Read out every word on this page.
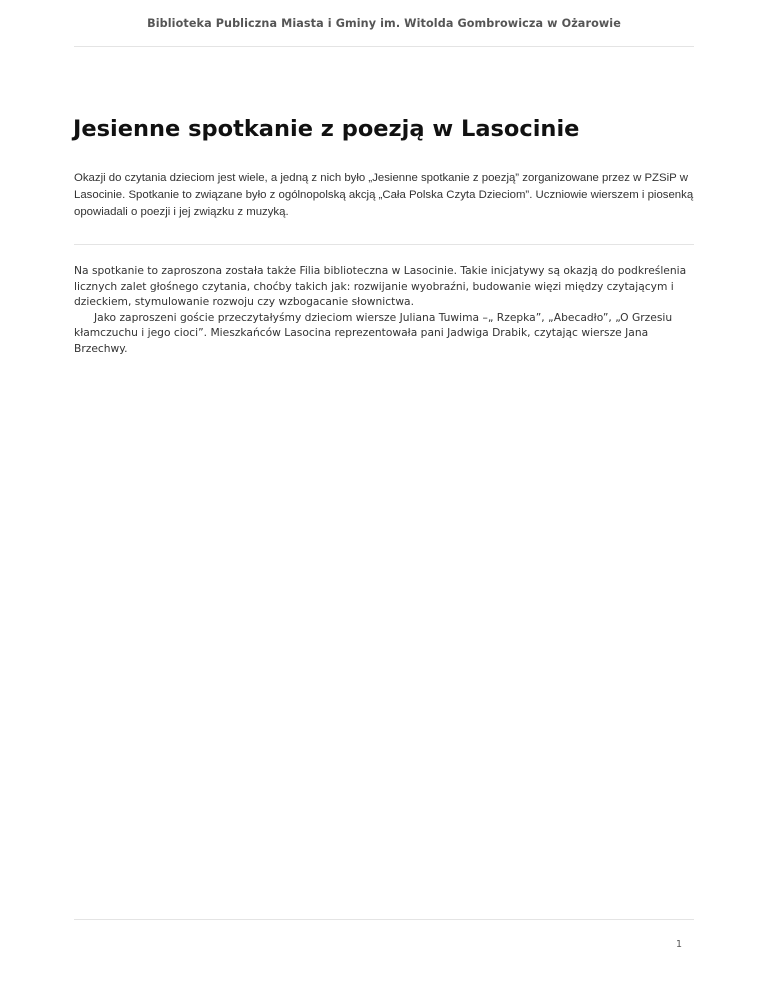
Biblioteka Publiczna Miasta i Gminy im. Witolda Gombrowicza w Ożarowie
Jesienne spotkanie z poezją w Lasocinie

Okazji do czytania dzieciom jest wiele, a jedną z nich było „Jesienne spotkanie z poezją” zorganizowane przez w PZSiP w Lasocinie. Spotkanie to związane było z ogólnopolską akcją „Cała Polska Czyta Dzieciom”. Uczniowie wierszem i piosenką opowiadali o poezji i jej związku z muzyką.

Na spotkanie to zaproszona została także Filia biblioteczna w Lasocinie. Takie inicjatywy są okazją do podkreślenia licznych zalet głośnego czytania, choćby takich jak: rozwijanie wyobraźni, budowanie więzi między czytającym i dzieckiem, stymulowanie rozwoju czy wzbogacanie słownictwa.

Jako zaproszeni goście przeczytałyśmy dzieciom wiersze Juliana Tuwima –„ Rzepka”, „Abecadło”, „O Grzesiu kłamczuchu i jego cioci”. Mieszkańców Lasocina reprezentowała pani Jadwiga Drabik, czytając wiersze Jana Brzechwy.

1
